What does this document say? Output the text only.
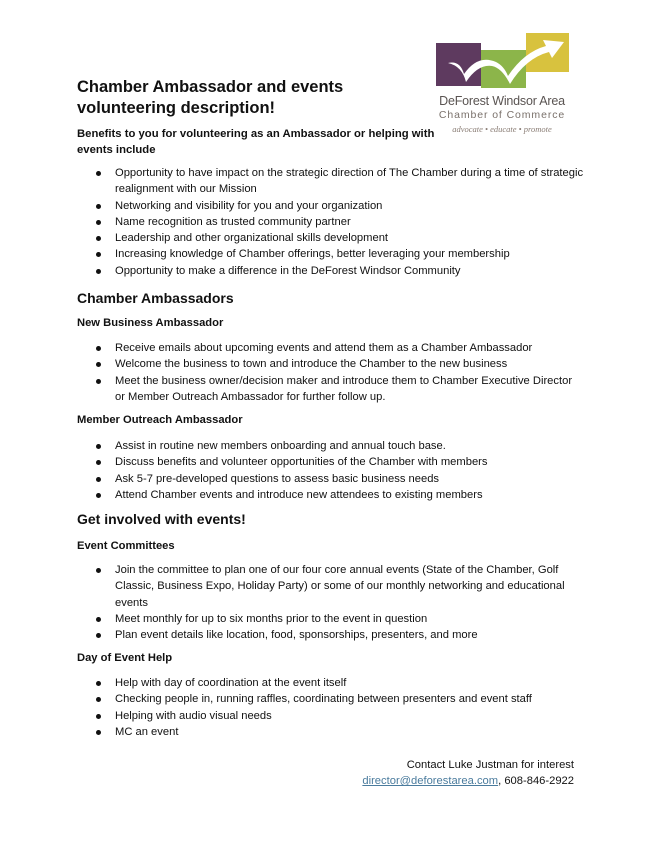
DeForest Windsor Area
Chamber of Commerce
advocate • educate • promote
Chamber Ambassador and events volunteering description!
Benefits to you for volunteering as an Ambassador or helping with events include
Opportunity to have impact on the strategic direction of The Chamber during a time of strategic realignment with our Mission
Networking and visibility for you and your organization
Name recognition as trusted community partner
Leadership and other organizational skills development
Increasing knowledge of Chamber offerings, better leveraging your membership
Opportunity to make a difference in the DeForest Windsor Community
Chamber Ambassadors
New Business Ambassador
Receive emails about upcoming events and attend them as a Chamber Ambassador
Welcome the business to town and introduce the Chamber to the new business
Meet the business owner/decision maker and introduce them to Chamber Executive Director or Member Outreach Ambassador for further follow up.
Member Outreach Ambassador
Assist in routine new members onboarding and annual touch base.
Discuss benefits and volunteer opportunities of the Chamber with members
Ask 5-7 pre-developed questions to assess basic business needs
Attend Chamber events and introduce new attendees to existing members
Get involved with events!
Event Committees
Join the committee to plan one of our four core annual events (State of the Chamber, Golf Classic, Business Expo, Holiday Party) or some of our monthly networking and educational events
Meet monthly for up to six months prior to the event in question
Plan event details like location, food, sponsorships, presenters, and more
Day of Event Help
Help with day of coordination at the event itself
Checking people in, running raffles, coordinating between presenters and event staff
Helping with audio visual needs
MC an event
Contact Luke Justman for interest
director@deforestarea.com, 608-846-2922
